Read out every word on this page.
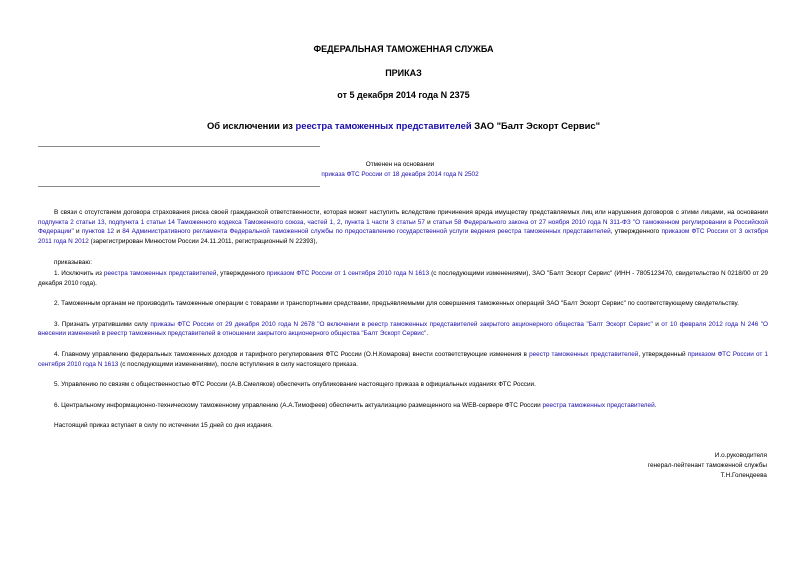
ФЕДЕРАЛЬНАЯ ТАМОЖЕННАЯ СЛУЖБА
ПРИКАЗ
от 5 декабря 2014 года N 2375
Об исключении из реестра таможенных представителей ЗАО "Балт Эскорт Сервис"
Отменен на основании
приказа ФТС России от 18 декабря 2014 года N 2502

В связи с отсутствием договора страхования риска своей гражданской ответственности, которая может наступить вследствие причинения вреда имуществу представляемых лиц или нарушения договоров с этими лицами, на основании подпункта 2 статьи 13, подпункта 1 статьи 14 Таможенного кодекса Таможенного союза, частей 1, 2, пункта 1 части 3 статьи 57 и статьи 58 Федерального закона от 27 ноября 2010 года N 311-ФЗ "О таможенном регулировании в Российской Федерации" и пунктов 12 и 84 Административного регламента Федеральной таможенной службы по предоставлению государственной услуги ведения реестра таможенных представителей, утвержденного приказом ФТС России от 3 октября 2011 года N 2012 (зарегистрирован Минюстом России 24.11.2011, регистрационный N 22393),

приказываю:

1. Исключить из реестра таможенных представителей, утвержденного приказом ФТС России от 1 сентября 2010 года N 1613 (с последующими изменениями), ЗАО "Балт Эскорт Сервис" (ИНН - 7805123470, свидетельство N 0218/00 от 29 декабря 2010 года).

2. Таможенным органам не производить таможенные операции с товарами и транспортными средствами, предъявляемыми для совершения таможенных операций ЗАО "Балт Эскорт Сервис" по соответствующему свидетельству.

3. Признать утратившими силу приказы ФТС России от 29 декабря 2010 года N 2678 "О включении в реестр таможенных представителей закрытого акционерного общества "Балт Эскорт Сервис" и от 10 февраля 2012 года N 246 "О внесении изменений в реестр таможенных представителей в отношении закрытого акционерного общества "Балт Эскорт Сервис".

4. Главному управлению федеральных таможенных доходов и тарифного регулирования ФТС России (О.Н.Комарова) внести соответствующие изменения в реестр таможенных представителей, утвержденный приказом ФТС России от 1 сентября 2010 года N 1613 (с последующими изменениями), после вступления в силу настоящего приказа.

5. Управлению по связям с общественностью ФТС России (А.В.Смеляков) обеспечить опубликование настоящего приказа в официальных изданиях ФТС России.

6. Центральному информационно-техническому таможенному управлению (А.А.Тимофеев) обеспечить актуализацию размещенного на WEB-сервере ФТС России реестра таможенных представителей.

Настоящий приказ вступает в силу по истечении 15 дней со дня издания.

И.о.руководителя
генерал-лейтенант таможенной службы
Т.Н.Голендеева
